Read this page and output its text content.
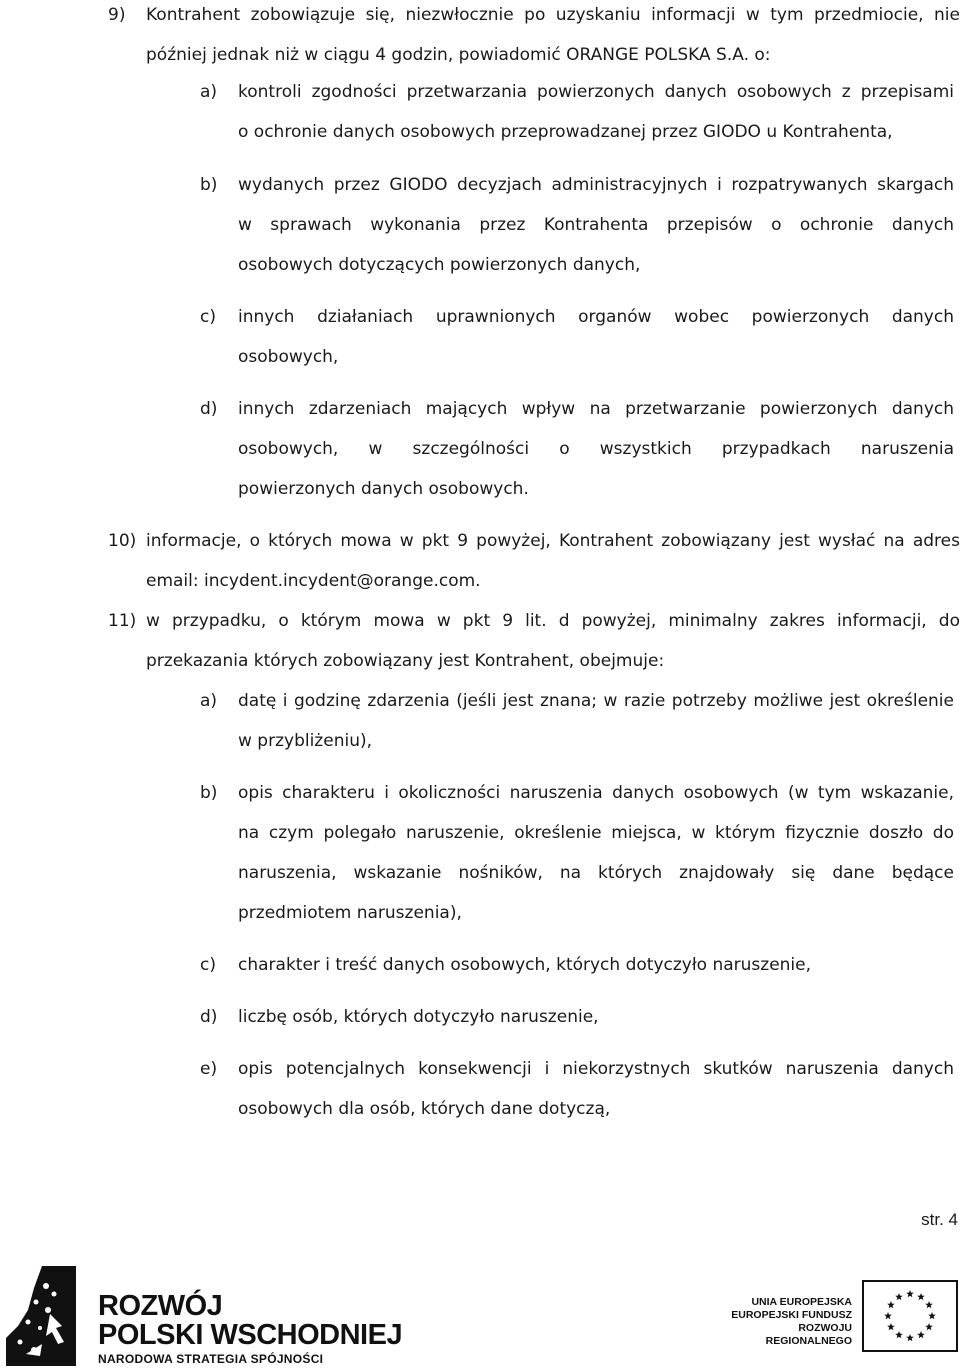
9) Kontrahent zobowiązuje się, niezwłocznie po uzyskaniu informacji w tym przedmiocie, nie
później jednak niż w ciągu 4 godzin, powiadomić ORANGE POLSKA S.A. o:
a) kontroli zgodności przetwarzania powierzonych danych osobowych z przepisami
o ochronie danych osobowych przeprowadzanej przez GIODO u Kontrahenta,
b) wydanych przez GIODO decyzjach administracyjnych i rozpatrywanych skargach
w sprawach wykonania przez Kontrahenta przepisów o ochronie danych
osobowych dotyczących powierzonych danych,
c) innych działaniach uprawnionych organów wobec powierzonych danych
osobowych,
d) innych zdarzeniach mających wpływ na przetwarzanie powierzonych danych
osobowych, w szczególności o wszystkich przypadkach naruszenia
powierzonych danych osobowych.
10) informacje, o których mowa w pkt 9 powyżej, Kontrahent zobowiązany jest wysłać na adres
email: incydent.incydent@orange.com.
11) w przypadku, o którym mowa w pkt 9 lit. d powyżej, minimalny zakres informacji, do
przekazania których zobowiązany jest Kontrahent, obejmuje:
a) datę i godzinę zdarzenia (jeśli jest znana; w razie potrzeby możliwe jest określenie
w przybliżeniu),
b) opis charakteru i okoliczności naruszenia danych osobowych (w tym wskazanie,
na czym polegało naruszenie, określenie miejsca, w którym fizycznie doszło do
naruszenia, wskazanie nośników, na których znajdowały się dane będące
przedmiotem naruszenia),
c) charakter i treść danych osobowych, których dotyczyło naruszenie,
d) liczbę osób, których dotyczyło naruszenie,
e) opis potencjalnych konsekwencji i niekorzystnych skutków naruszenia danych
osobowych dla osób, których dane dotyczą,
str. 4
ROZWÓJ
POLSKI WSCHODNIEJ
NARODOWA STRATEGIA SPÓJNOŚCI
UNIA EUROPEJSKA
EUROPEJSKI FUNDUSZ
ROZWOJU REGIONALNEGO
